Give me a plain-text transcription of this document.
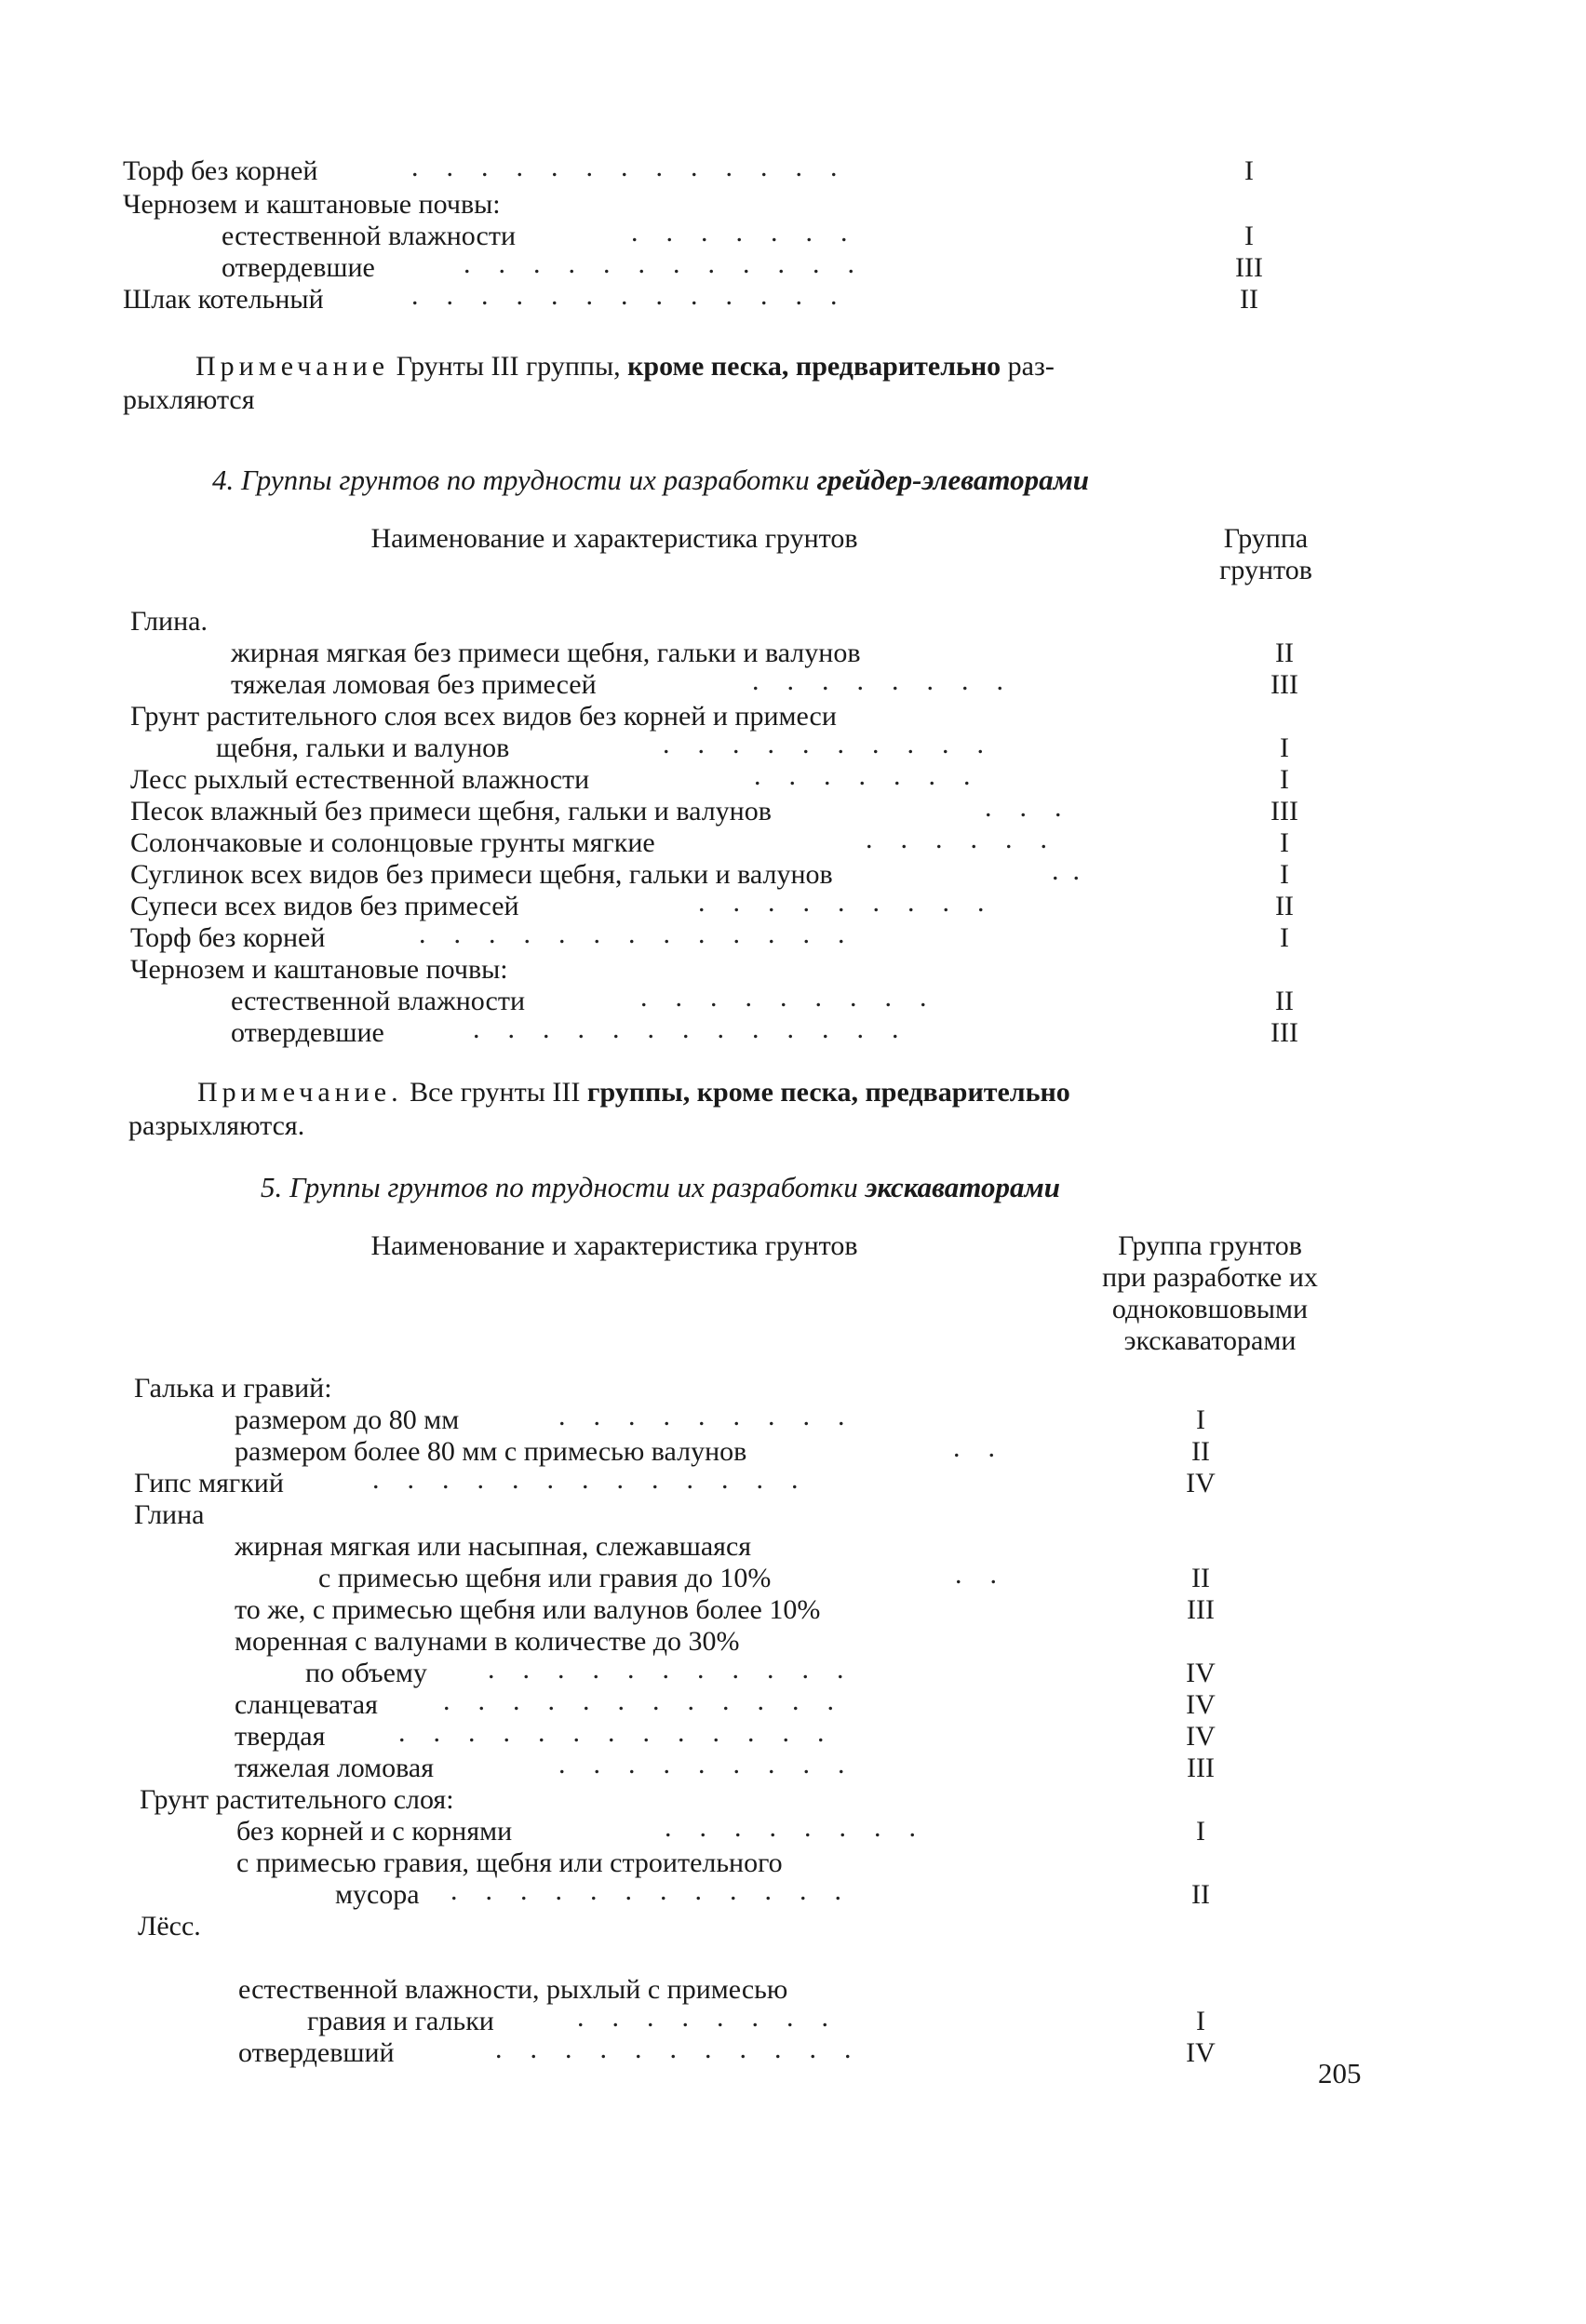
Торф без корней	.    .    .    .    .    .    .    .    .    .    .    .    .	I
Чернозем и каштановые почвы:
естественной влажности	.    .    .    .    .    .    .	I
отвердевшие	.    .    .    .    .    .    .    .    .    .    .    .	III
Шлак котельный	.    .    .    .    .    .    .    .    .    .    .    .    .	II
Примечание Грунты III группы, кроме песка, предварительно раз-
рыхляются
4. Группы грунтов по трудности их разработки грейдер-элеваторами
Наименование и характеристика грунтов	Группа
грунтов
Глина.
жирная мягкая без примеси щебня, гальки и валунов	II
тяжелая ломовая без примесей	.    .    .    .    .    .    .    .	III
Грунт растительного слоя всех видов без корней и примеси
щебня, гальки и валунов	.    .    .    .    .    .    .    .    .    .	I
Лесс рыхлый естественной влажности	.    .    .    .    .    .    .	I
Песок влажный без примеси щебня, гальки и валунов	.    .    .	III
Солончаковые и солонцовые грунты мягкие	.    .    .    .    .    .	I
Суглинок всех видов без примеси щебня, гальки и валунов	.  .	I
Супеси всех видов без примесей	.    .    .    .    .    .    .    .    .	II
Торф без корней	.    .    .    .    .    .    .    .    .    .    .    .    .	I
Чернозем и каштановые почвы:
естественной влажности	.    .    .    .    .    .    .    .    .	II
отвердевшие	.    .    .    .    .    .    .    .    .    .    .    .    .	III
Примечание. Все грунты III группы, кроме песка, предварительно
разрыхляются.
5. Группы грунтов по трудности их разработки экскаваторами
Наименование и характеристика грунтов	Группа грунтов
при разработке их
одноковшовыми
экскаваторами
Галька и гравий:
размером до 80 мм	.    .    .    .    .    .    .    .    .	I
размером более 80 мм с примесью валунов	.    .	II
Гипс мягкий	.    .    .    .    .    .    .    .    .    .    .    .    .	IV
Глина
жирная мягкая или насыпная, слежавшаяся
с примесью щебня или гравия до 10%	.    .	II
то же, с примесью щебня или валунов более 10%	III
моренная с валунами в количестве до 30%
по объему .    .    .    .    .    .    .    .    .    .    .	IV
сланцеватая .    .    .    .    .    .    .    .    .    .    .    .	IV
твердая	.    .    .    .    .    .    .    .    .    .    .    .    .	IV
тяжелая ломовая	.    .    .    .    .    .    .    .    .	III
Грунт растительного слоя:
без корней и с корнями	.    .    .    .    .    .    .    .	I
с примесью гравия, щебня или строительного
мусора .    .    .    .    .    .    .    .    .    .    .    .	II
Лёсс.
естественной влажности, рыхлый с примесью
гравия и гальки	.    .    .    .    .    .    .    .	I
отвердевший	.    .    .    .    .    .    .    .    .    .    .	IV
205
